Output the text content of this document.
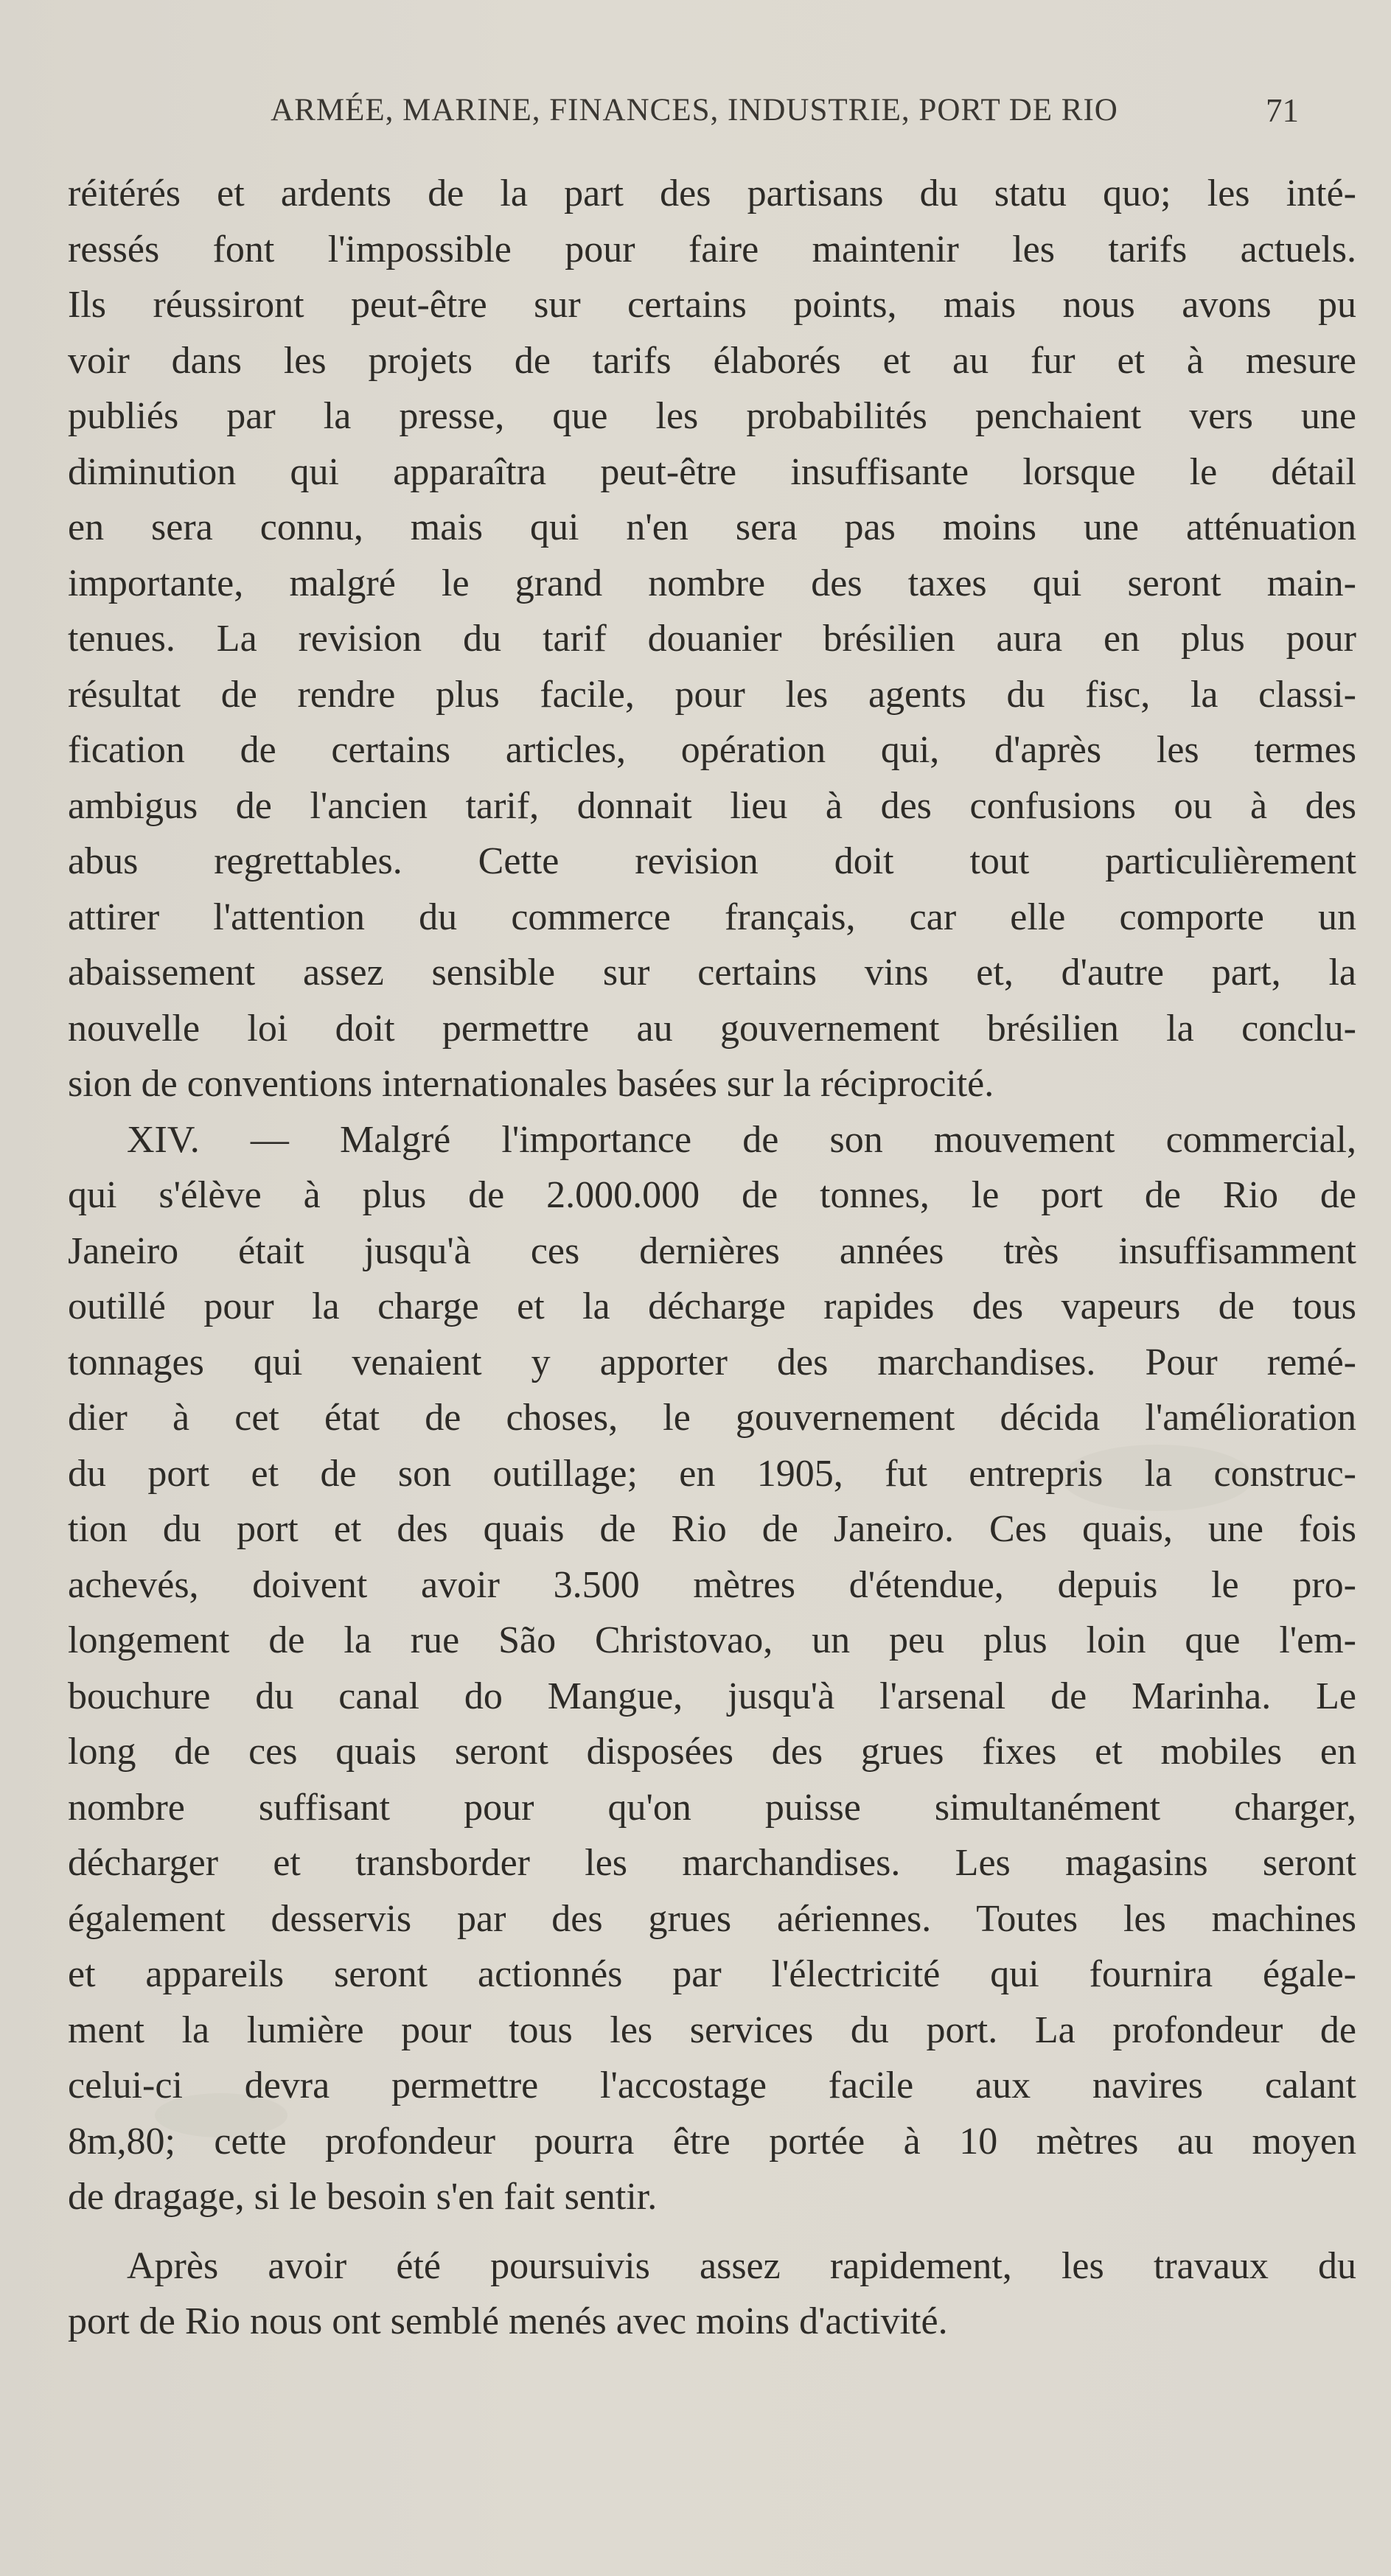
ARMÉE, MARINE, FINANCES, INDUSTRIE, PORT DE RIO	71
réitérés et ardents de la part des partisans du statu quo; les inté-
ressés font l'impossible pour faire maintenir les tarifs actuels.
Ils réussiront peut-être sur certains points, mais nous avons pu
voir dans les projets de tarifs élaborés et au fur et à mesure
publiés par la presse, que les probabilités penchaient vers une
diminution qui apparaîtra peut-être insuffisante lorsque le détail
en sera connu, mais qui n'en sera pas moins une atténuation
importante, malgré le grand nombre des taxes qui seront main-
tenues. La revision du tarif douanier brésilien aura en plus pour
résultat de rendre plus facile, pour les agents du fisc, la classi-
fication de certains articles, opération qui, d'après les termes
ambigus de l'ancien tarif, donnait lieu à des confusions ou à des
abus regrettables. Cette revision doit tout particulièrement
attirer l'attention du commerce français, car elle comporte un
abaissement assez sensible sur certains vins et, d'autre part, la
nouvelle loi doit permettre au gouvernement brésilien la conclu-
sion de conventions internationales basées sur la réciprocité.
XIV. — Malgré l'importance de son mouvement commercial,
qui s'élève à plus de 2.000.000 de tonnes, le port de Rio de
Janeiro était jusqu'à ces dernières années très insuffisamment
outillé pour la charge et la décharge rapides des vapeurs de tous
tonnages qui venaient y apporter des marchandises. Pour remé-
dier à cet état de choses, le gouvernement décida l'amélioration
du port et de son outillage; en 1905, fut entrepris la construc-
tion du port et des quais de Rio de Janeiro. Ces quais, une fois
achevés, doivent avoir 3.500 mètres d'étendue, depuis le pro-
longement de la rue São Christovao, un peu plus loin que l'em-
bouchure du canal do Mangue, jusqu'à l'arsenal de Marinha. Le
long de ces quais seront disposées des grues fixes et mobiles en
nombre suffisant pour qu'on puisse simultanément charger,
décharger et transborder les marchandises. Les magasins seront
également desservis par des grues aériennes. Toutes les machines
et appareils seront actionnés par l'électricité qui fournira égale-
ment la lumière pour tous les services du port. La profondeur de
celui-ci devra permettre l'accostage facile aux navires calant
8m,80; cette profondeur pourra être portée à 10 mètres au moyen
de dragage, si le besoin s'en fait sentir.
Après avoir été poursuivis assez rapidement, les travaux du
port de Rio nous ont semblé menés avec moins d'activité.
